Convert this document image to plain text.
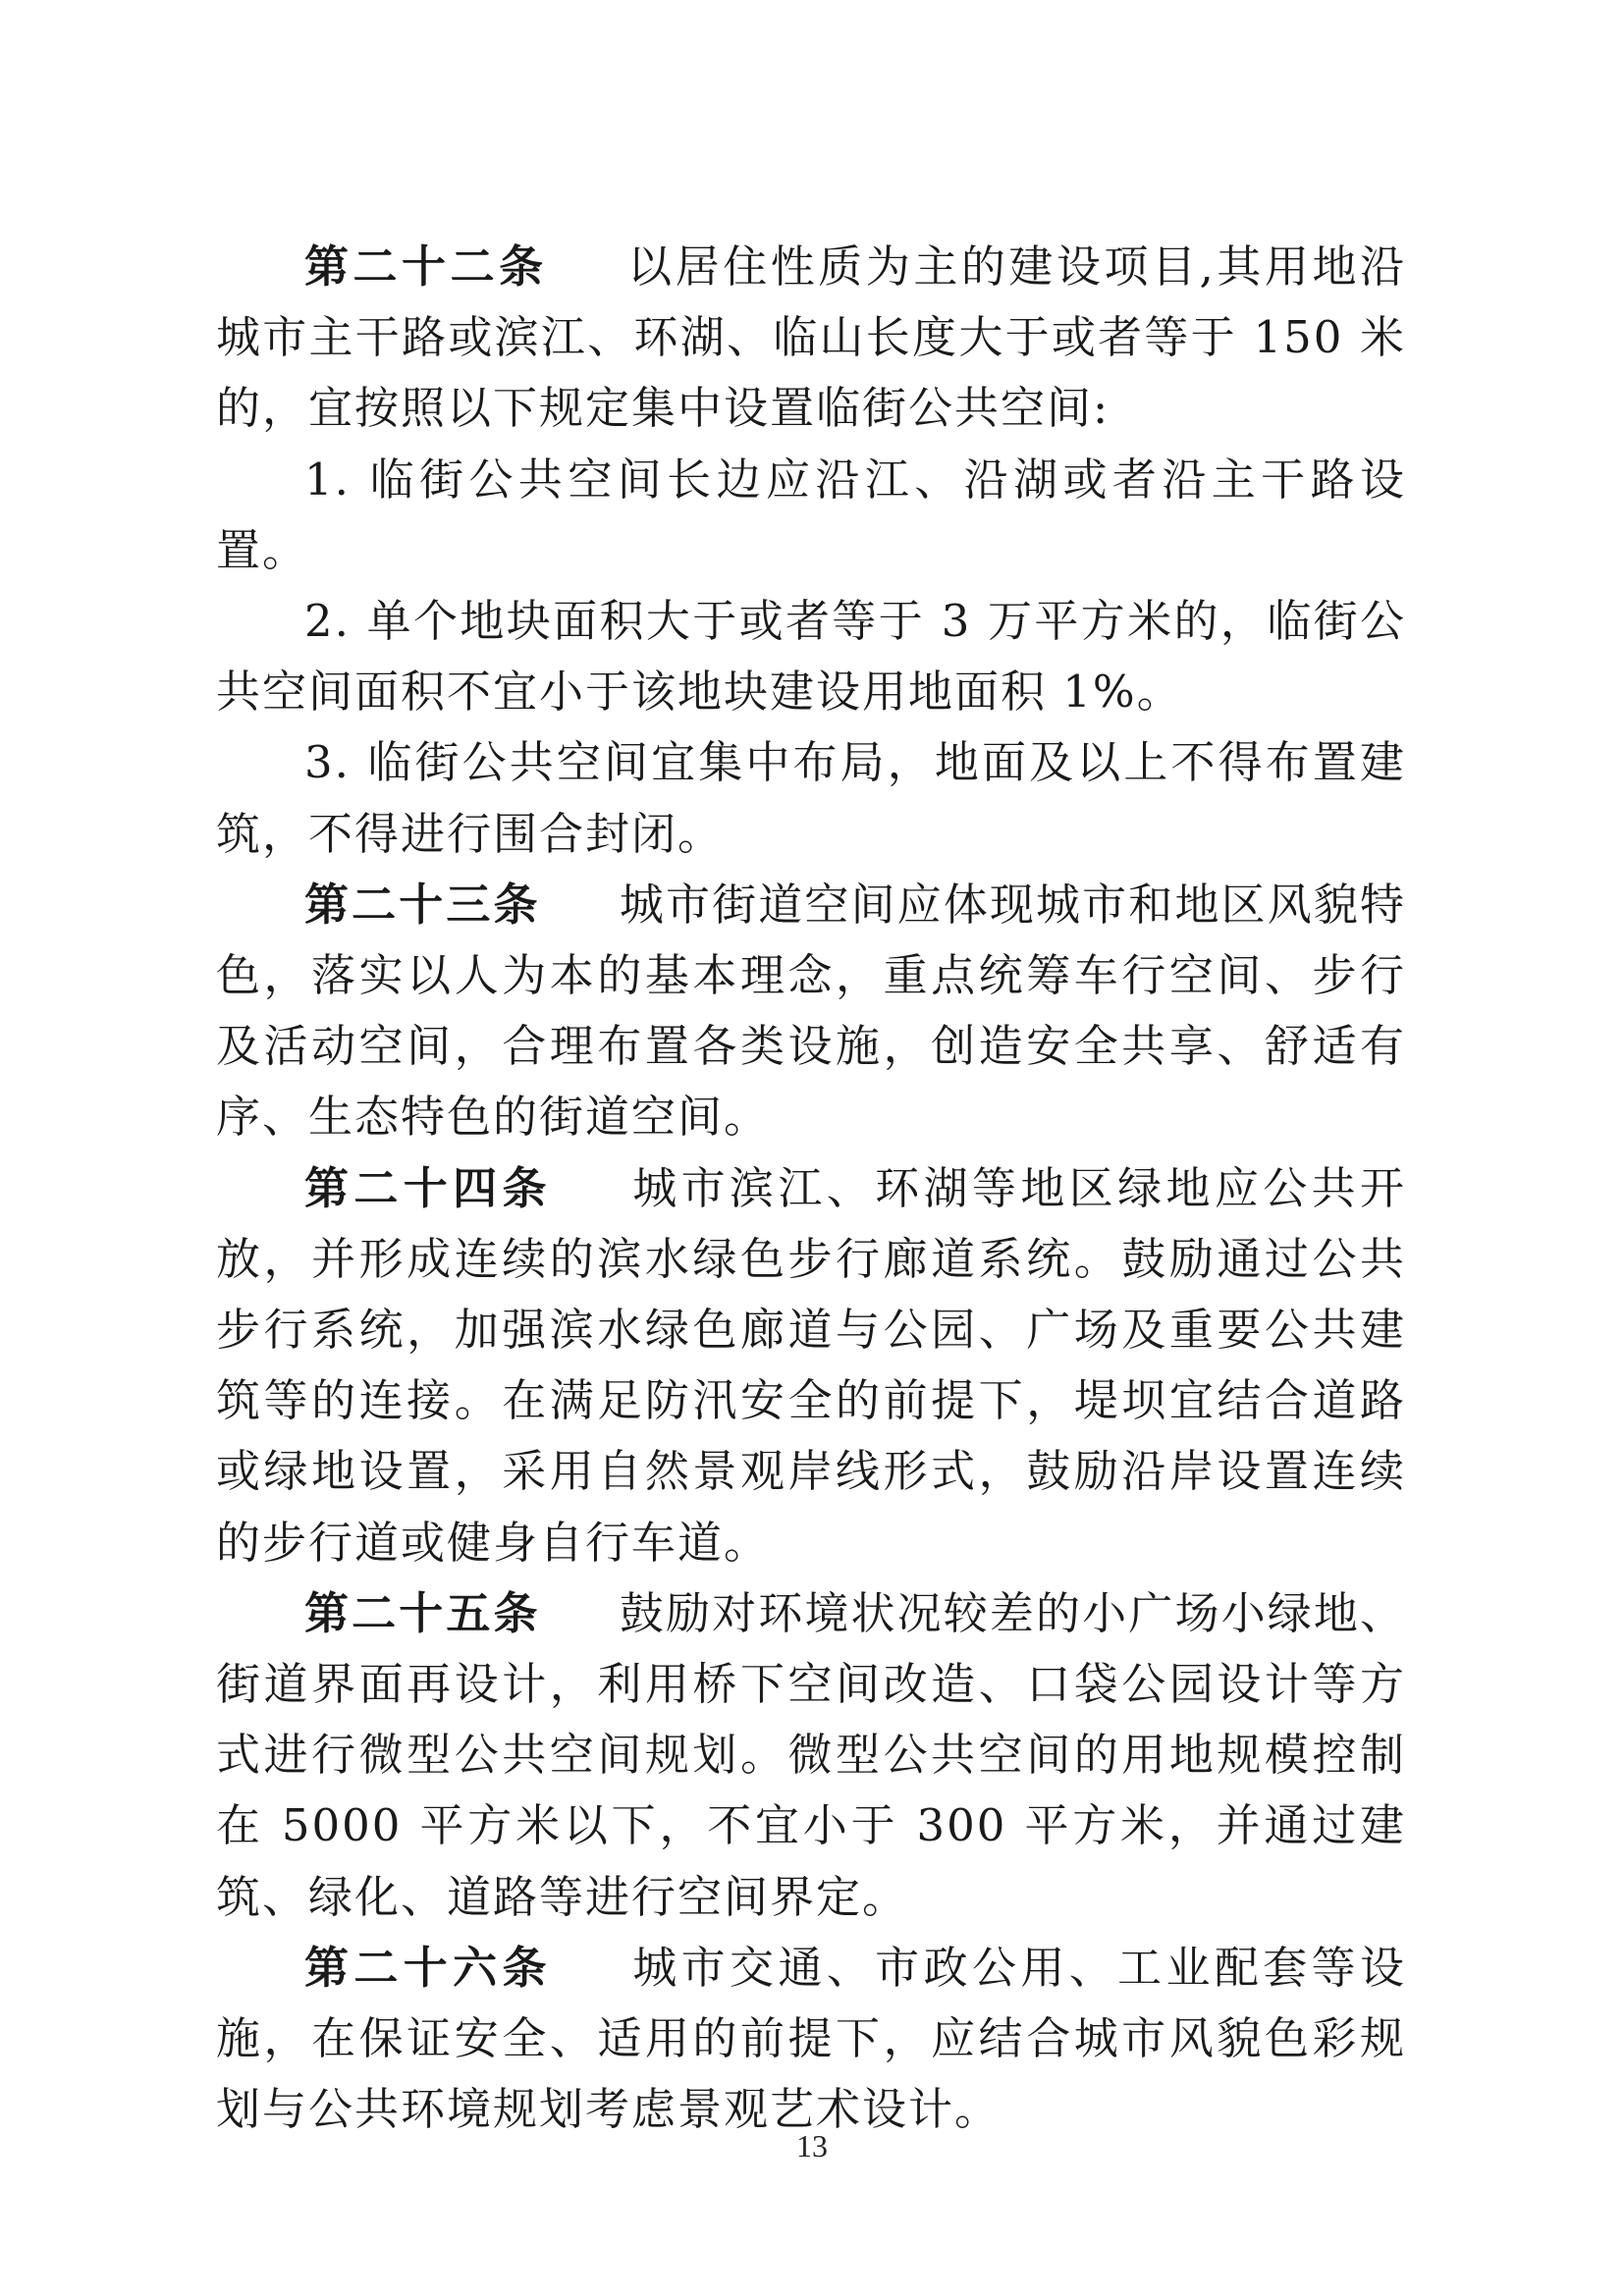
第二十二条 以居住性质为主的建设项目,其用地沿城市主干路或滨江、环湖、临山长度大于或者等于 150 米的，宜按照以下规定集中设置临街公共空间:

1. 临街公共空间长边应沿江、沿湖或者沿主干路设置。

2. 单个地块面积大于或者等于 3 万平方米的，临街公共空间面积不宜小于该地块建设用地面积 1%。

3. 临街公共空间宜集中布局，地面及以上不得布置建筑，不得进行围合封闭。

第二十三条 城市街道空间应体现城市和地区风貌特色，落实以人为本的基本理念，重点统筹车行空间、步行及活动空间，合理布置各类设施，创造安全共享、舒适有序、生态特色的街道空间。

第二十四条 城市滨江、环湖等地区绿地应公共开放，并形成连续的滨水绿色步行廊道系统。鼓励通过公共步行系统，加强滨水绿色廊道与公园、广场及重要公共建筑等的连接。在满足防汛安全的前提下，堤坝宜结合道路或绿地设置，采用自然景观岸线形式，鼓励沿岸设置连续的步行道或健身自行车道。

第二十五条 鼓励对环境状况较差的小广场小绿地、街道界面再设计，利用桥下空间改造、口袋公园设计等方式进行微型公共空间规划。微型公共空间的用地规模控制在 5000 平方米以下，不宜小于 300 平方米，并通过建筑、绿化、道路等进行空间界定。

第二十六条 城市交通、市政公用、工业配套等设施，在保证安全、适用的前提下，应结合城市风貌色彩规划与公共环境规划考虑景观艺术设计。

13
